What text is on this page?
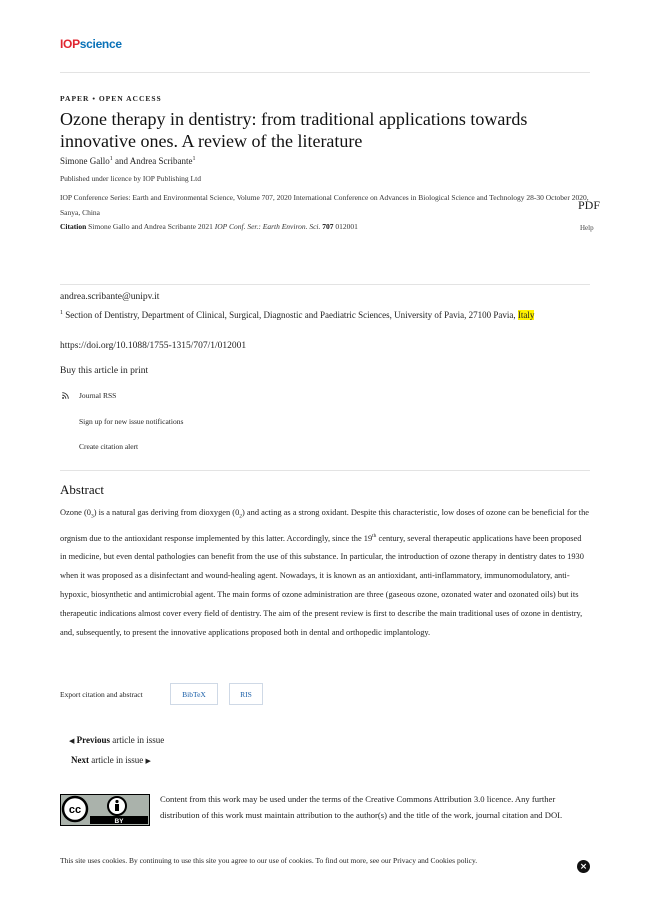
IOPscience
PAPER • OPEN ACCESS
Ozone therapy in dentistry: from traditional applications towards innovative ones. A review of the literature
Simone Gallo$^1$ and Andrea Scribante$^1$
Published under licence by IOP Publishing Ltd
IOP Conference Series: Earth and Environmental Science, Volume 707, 2020 International Conference on Advances in Biological Science and Technology 28-30 October 2020, Sanya, China
Citation Simone Gallo and Andrea Scribante 2021 IOP Conf. Ser.: Earth Environ. Sci. 707 012001
PDF
Help
andrea.scribante@unipv.it
$^1$ Section of Dentistry, Department of Clinical, Surgical, Diagnostic and Paediatric Sciences, University of Pavia, 27100 Pavia, Italy
https://doi.org/10.1088/1755-1315/707/1/012001
Buy this article in print
Journal RSS
Sign up for new issue notifications
Create citation alert
Abstract
Ozone $(0_3)$ is a natural gas deriving from dioxygen $(0_2)$ and acting as a strong oxidant. Despite this characteristic, low doses of ozone can be beneficial for the orgnism due to the antioxidant response implemented by this latter. Accordingly, since the 19th century, several therapeutic applications have been proposed in medicine, but even dental pathologies can benefit from the use of this substance. In particular, the introduction of ozone therapy in dentistry dates to 1930 when it was proposed as a disinfectant and wound-healing agent. Nowadays, it is known as an antioxidant, anti-inflammatory, immunomodulatory, anti-hypoxic, biosynthetic and antimicrobial agent. The main forms of ozone administration are three (gaseous ozone, ozonated water and ozonated oils) but its therapeutic indications almost cover every field of dentistry. The aim of the present review is first to describe the main traditional uses of ozone in dentistry, and, subsequently, to present the innovative applications proposed both in dental and orthopedic implantology.
Export citation and abstract	BibTeX	RIS
◀ Previous article in issue
Next article in issue ▶
cc
BY
Content from this work may be used under the terms of the Creative Commons Attribution 3.0 licence. Any further distribution of this work must maintain attribution to the author(s) and the title of the work, journal citation and DOI.
This site uses cookies. By continuing to use this site you agree to our use of cookies. To find out more, see our Privacy and Cookies policy.
×
